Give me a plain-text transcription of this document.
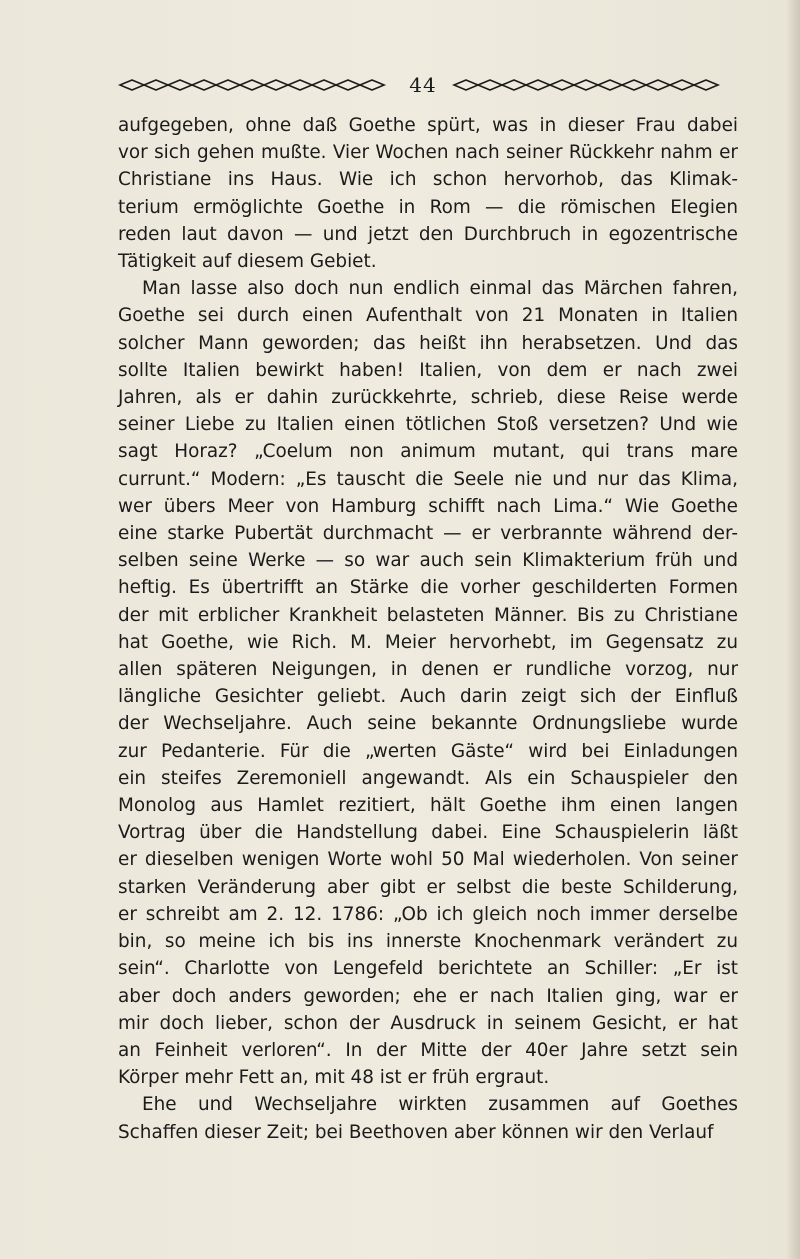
44

aufgegeben, ohne daß Goethe spürt, was in dieser Frau dabei
vor sich gehen mußte. Vier Wochen nach seiner Rückkehr nahm er
Christiane ins Haus. Wie ich schon hervorhob, das Klimak-
terium ermöglichte Goethe in Rom — die römischen Elegien
reden laut davon — und jetzt den Durchbruch in egozentrische
Tätigkeit auf diesem Gebiet.

Man lasse also doch nun endlich einmal das Märchen fahren,
Goethe sei durch einen Aufenthalt von 21 Monaten in Italien
solcher Mann geworden; das heißt ihn herabsetzen. Und das
sollte Italien bewirkt haben! Italien, von dem er nach zwei
Jahren, als er dahin zurückkehrte, schrieb, diese Reise werde
seiner Liebe zu Italien einen tötlichen Stoß versetzen? Und wie
sagt Horaz? „Coelum non animum mutant, qui trans mare
currunt.“ Modern: „Es tauscht die Seele nie und nur das Klima,
wer übers Meer von Hamburg schifft nach Lima.“ Wie Goethe
eine starke Pubertät durchmacht — er verbrannte während der-
selben seine Werke — so war auch sein Klimakterium früh und
heftig. Es übertrifft an Stärke die vorher geschilderten Formen
der mit erblicher Krankheit belasteten Männer. Bis zu Christiane
hat Goethe, wie Rich. M. Meier hervorhebt, im Gegensatz zu
allen späteren Neigungen, in denen er rundliche vorzog, nur
längliche Gesichter geliebt. Auch darin zeigt sich der Einfluß
der Wechseljahre. Auch seine bekannte Ordnungsliebe wurde
zur Pedanterie. Für die „werten Gäste“ wird bei Einladungen
ein steifes Zeremoniell angewandt. Als ein Schauspieler den
Monolog aus Hamlet rezitiert, hält Goethe ihm einen langen
Vortrag über die Handstellung dabei. Eine Schauspielerin läßt
er dieselben wenigen Worte wohl 50 Mal wiederholen. Von seiner
starken Veränderung aber gibt er selbst die beste Schilderung,
er schreibt am 2. 12. 1786: „Ob ich gleich noch immer derselbe
bin, so meine ich bis ins innerste Knochenmark verändert zu
sein“. Charlotte von Lengefeld berichtete an Schiller: „Er ist
aber doch anders geworden; ehe er nach Italien ging, war er
mir doch lieber, schon der Ausdruck in seinem Gesicht, er hat
an Feinheit verloren“. In der Mitte der 40er Jahre setzt sein
Körper mehr Fett an, mit 48 ist er früh ergraut.

Ehe und Wechseljahre wirkten zusammen auf Goethes
Schaffen dieser Zeit; bei Beethoven aber können wir den Verlauf
